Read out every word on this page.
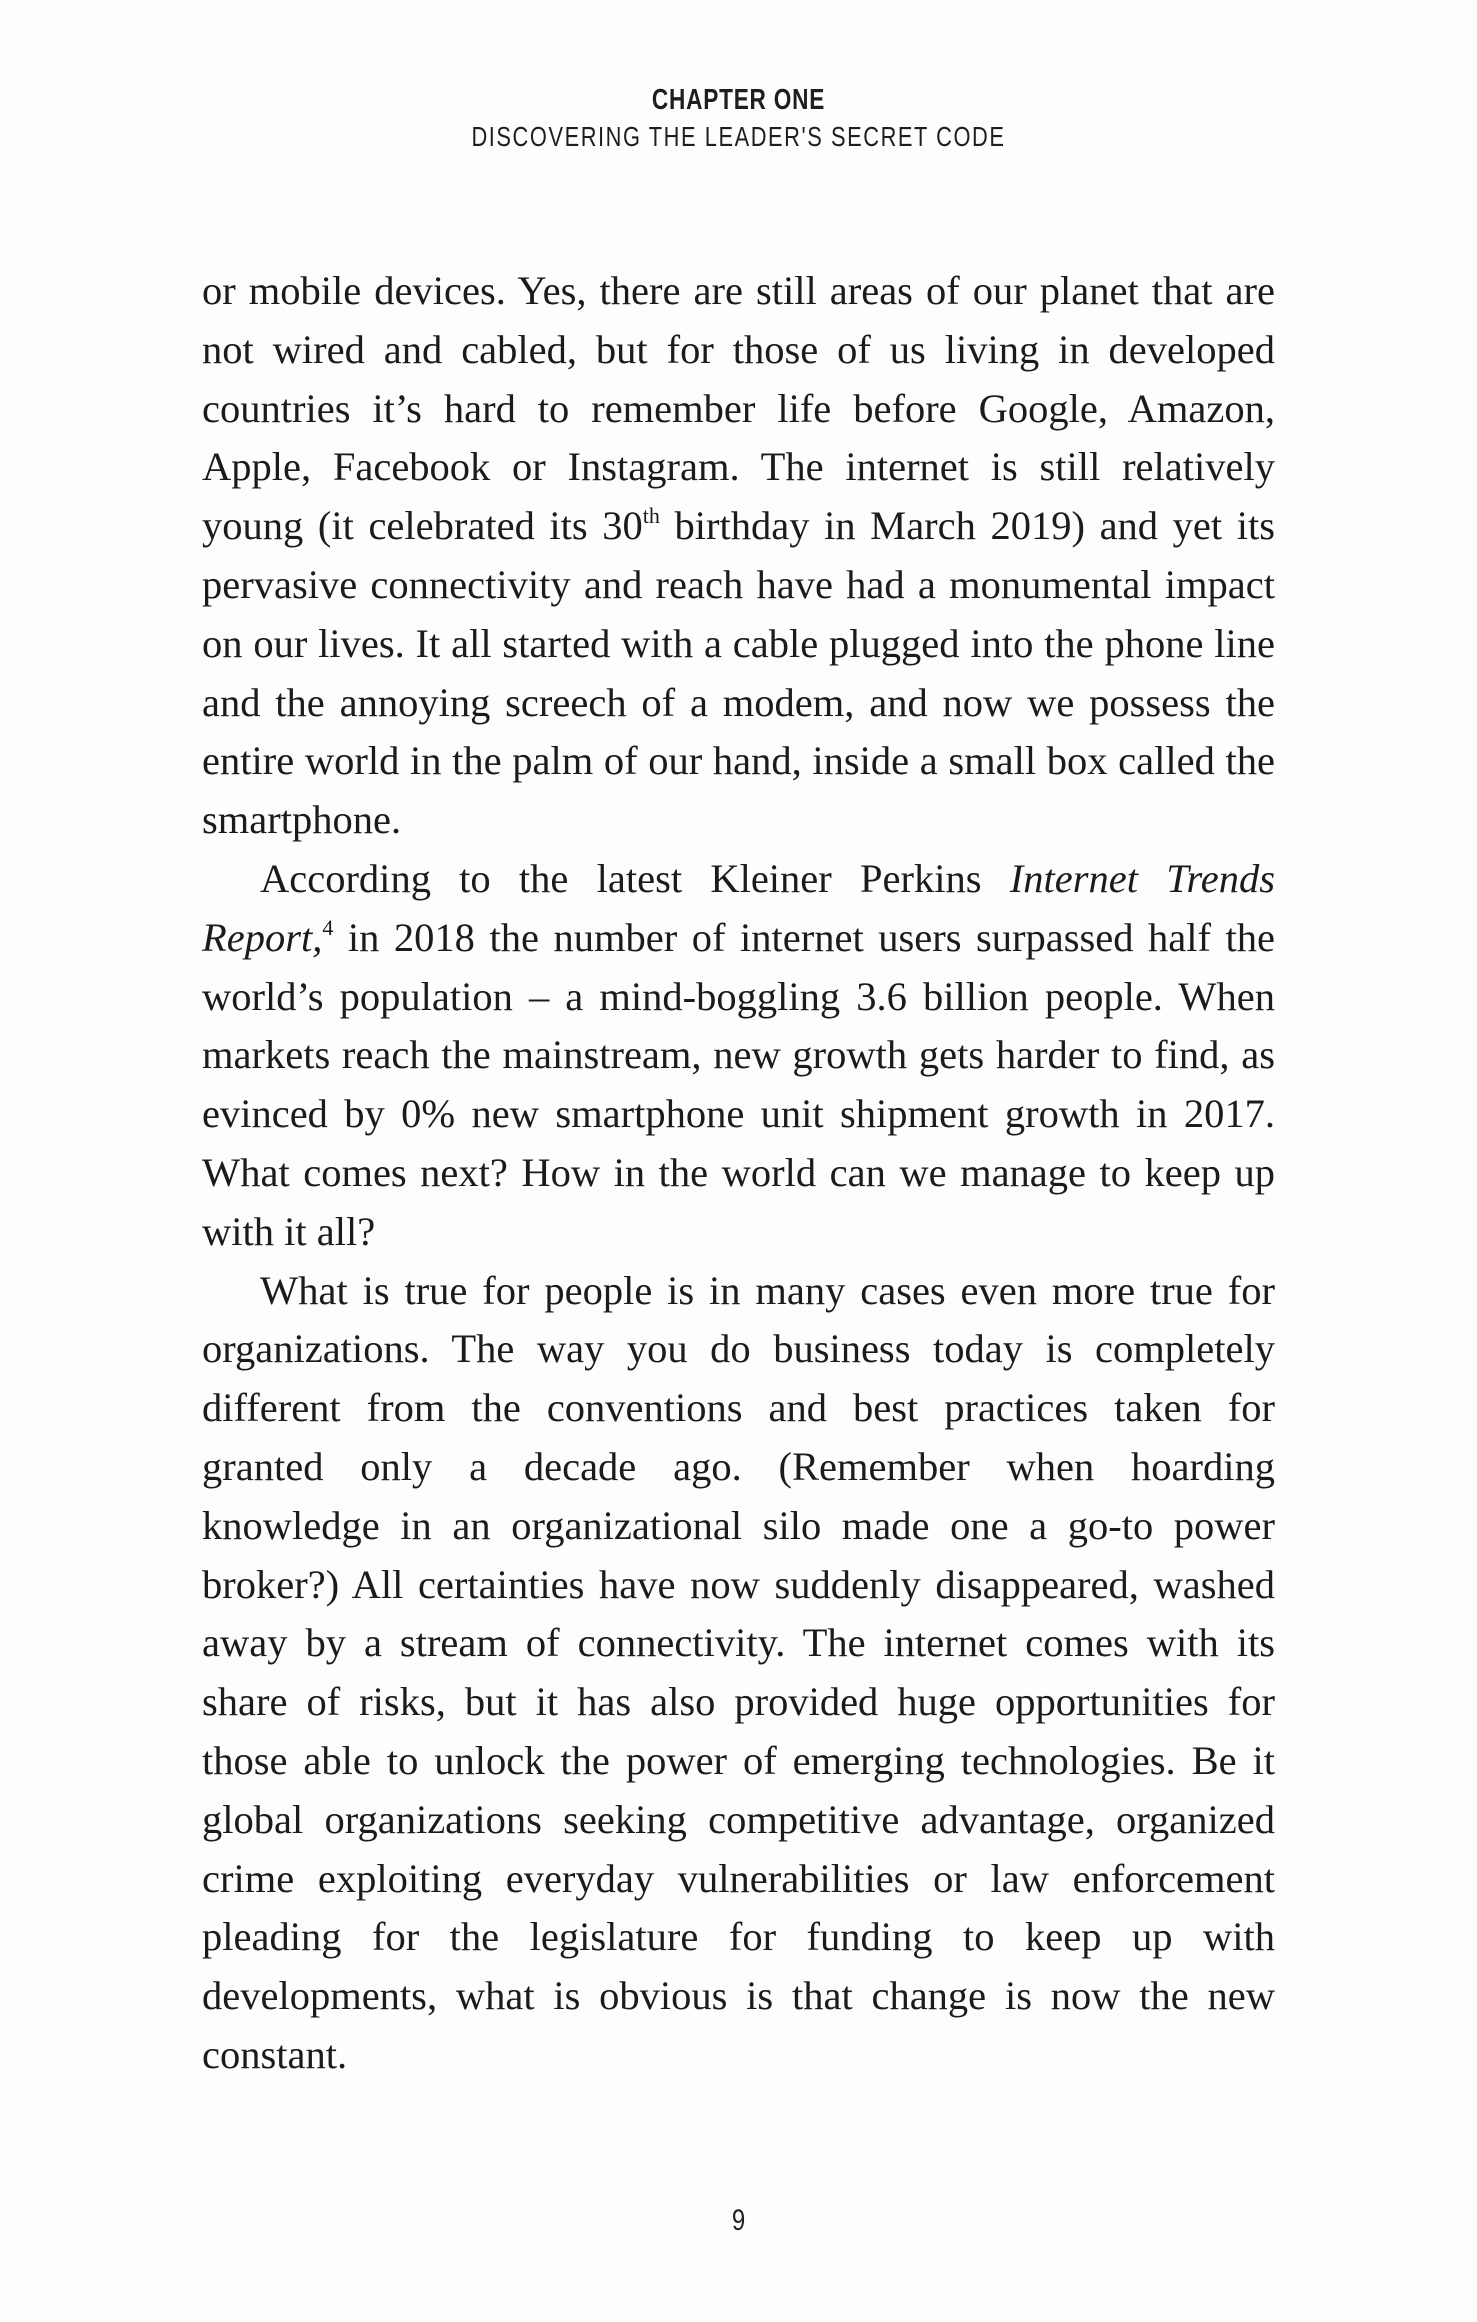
CHAPTER ONE
DISCOVERING THE LEADER'S SECRET CODE

or mobile devices. Yes, there are still areas of our planet that are not wired and cabled, but for those of us living in developed countries it’s hard to remember life before Google, Amazon, Apple, Facebook or Instagram. The internet is still relatively young (it celebrated its 30th birthday in March 2019) and yet its pervasive connectivity and reach have had a monumental impact on our lives. It all started with a cable plugged into the phone line and the annoying screech of a modem, and now we possess the entire world in the palm of our hand, inside a small box called the smartphone.

According to the latest Kleiner Perkins Internet Trends Report,$^4$ in 2018 the number of internet users surpassed half the world’s population – a mind-boggling 3.6 billion people. When markets reach the mainstream, new growth gets harder to find, as evinced by 0% new smartphone unit shipment growth in 2017. What comes next? How in the world can we manage to keep up with it all?

What is true for people is in many cases even more true for organizations. The way you do business today is completely different from the conventions and best practices taken for granted only a decade ago. (Remember when hoarding knowledge in an organizational silo made one a go-to power broker?) All certainties have now suddenly disappeared, washed away by a stream of connectivity. The internet comes with its share of risks, but it has also provided huge opportunities for those able to unlock the power of emerging technologies. Be it global organizations seeking competitive advantage, organized crime exploiting everyday vulnerabilities or law enforcement pleading for the legislature for funding to keep up with developments, what is obvious is that change is now the new constant.

9
